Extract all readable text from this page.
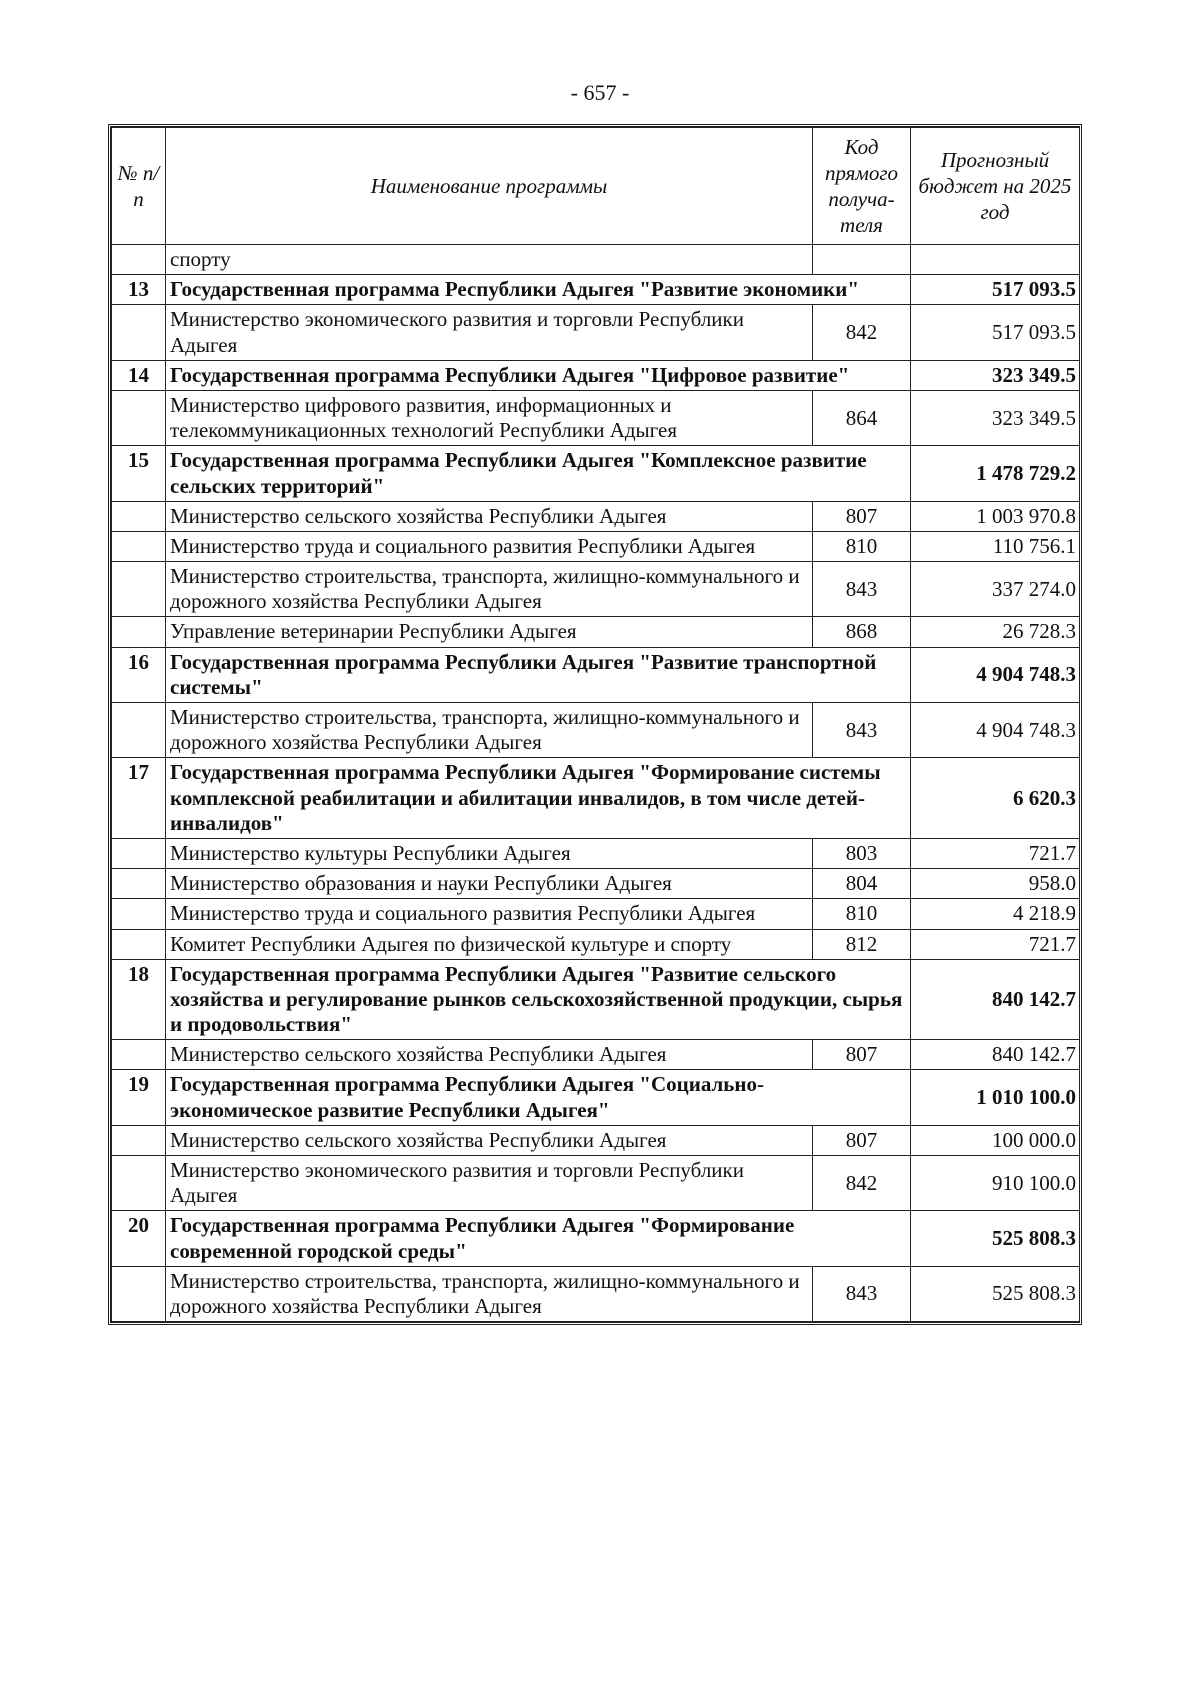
- 657 -
№ п/п	Наименование программы	Код прямого получа-теля	Прогнозный бюджет на 2025 год
	спорту		
13	Государственная программа Республики Адыгея "Развитие экономики"		517 093.5
	Министерство экономического развития и торговли Республики Адыгея	842	517 093.5
14	Государственная программа Республики Адыгея "Цифровое развитие"		323 349.5
	Министерство цифрового развития, информационных и телекоммуникационных технологий Республики Адыгея	864	323 349.5
15	Государственная программа Республики Адыгея "Комплексное развитие сельских территорий"		1 478 729.2
	Министерство сельского хозяйства Республики Адыгея	807	1 003 970.8
	Министерство труда и социального развития Республики Адыгея	810	110 756.1
	Министерство строительства, транспорта, жилищно-коммунального и дорожного хозяйства Республики Адыгея	843	337 274.0
	Управление ветеринарии Республики Адыгея	868	26 728.3
16	Государственная программа Республики Адыгея "Развитие транспортной системы"		4 904 748.3
	Министерство строительства, транспорта, жилищно-коммунального и дорожного хозяйства Республики Адыгея	843	4 904 748.3
17	Государственная программа Республики Адыгея "Формирование системы комплексной реабилитации и абилитации инвалидов, в том числе детей-инвалидов"		6 620.3
	Министерство культуры Республики Адыгея	803	721.7
	Министерство образования и науки Республики Адыгея	804	958.0
	Министерство труда и социального развития Республики Адыгея	810	4 218.9
	Комитет Республики Адыгея по физической культуре и спорту	812	721.7
18	Государственная программа Республики Адыгея "Развитие сельского хозяйства и регулирование рынков сельскохозяйственной продукции, сырья и продовольствия"		840 142.7
	Министерство сельского хозяйства Республики Адыгея	807	840 142.7
19	Государственная программа Республики Адыгея "Социально-экономическое развитие Республики Адыгея"		1 010 100.0
	Министерство сельского хозяйства Республики Адыгея	807	100 000.0
	Министерство экономического развития и торговли Республики Адыгея	842	910 100.0
20	Государственная программа Республики Адыгея "Формирование современной городской среды"		525 808.3
	Министерство строительства, транспорта, жилищно-коммунального и дорожного хозяйства Республики Адыгея	843	525 808.3
